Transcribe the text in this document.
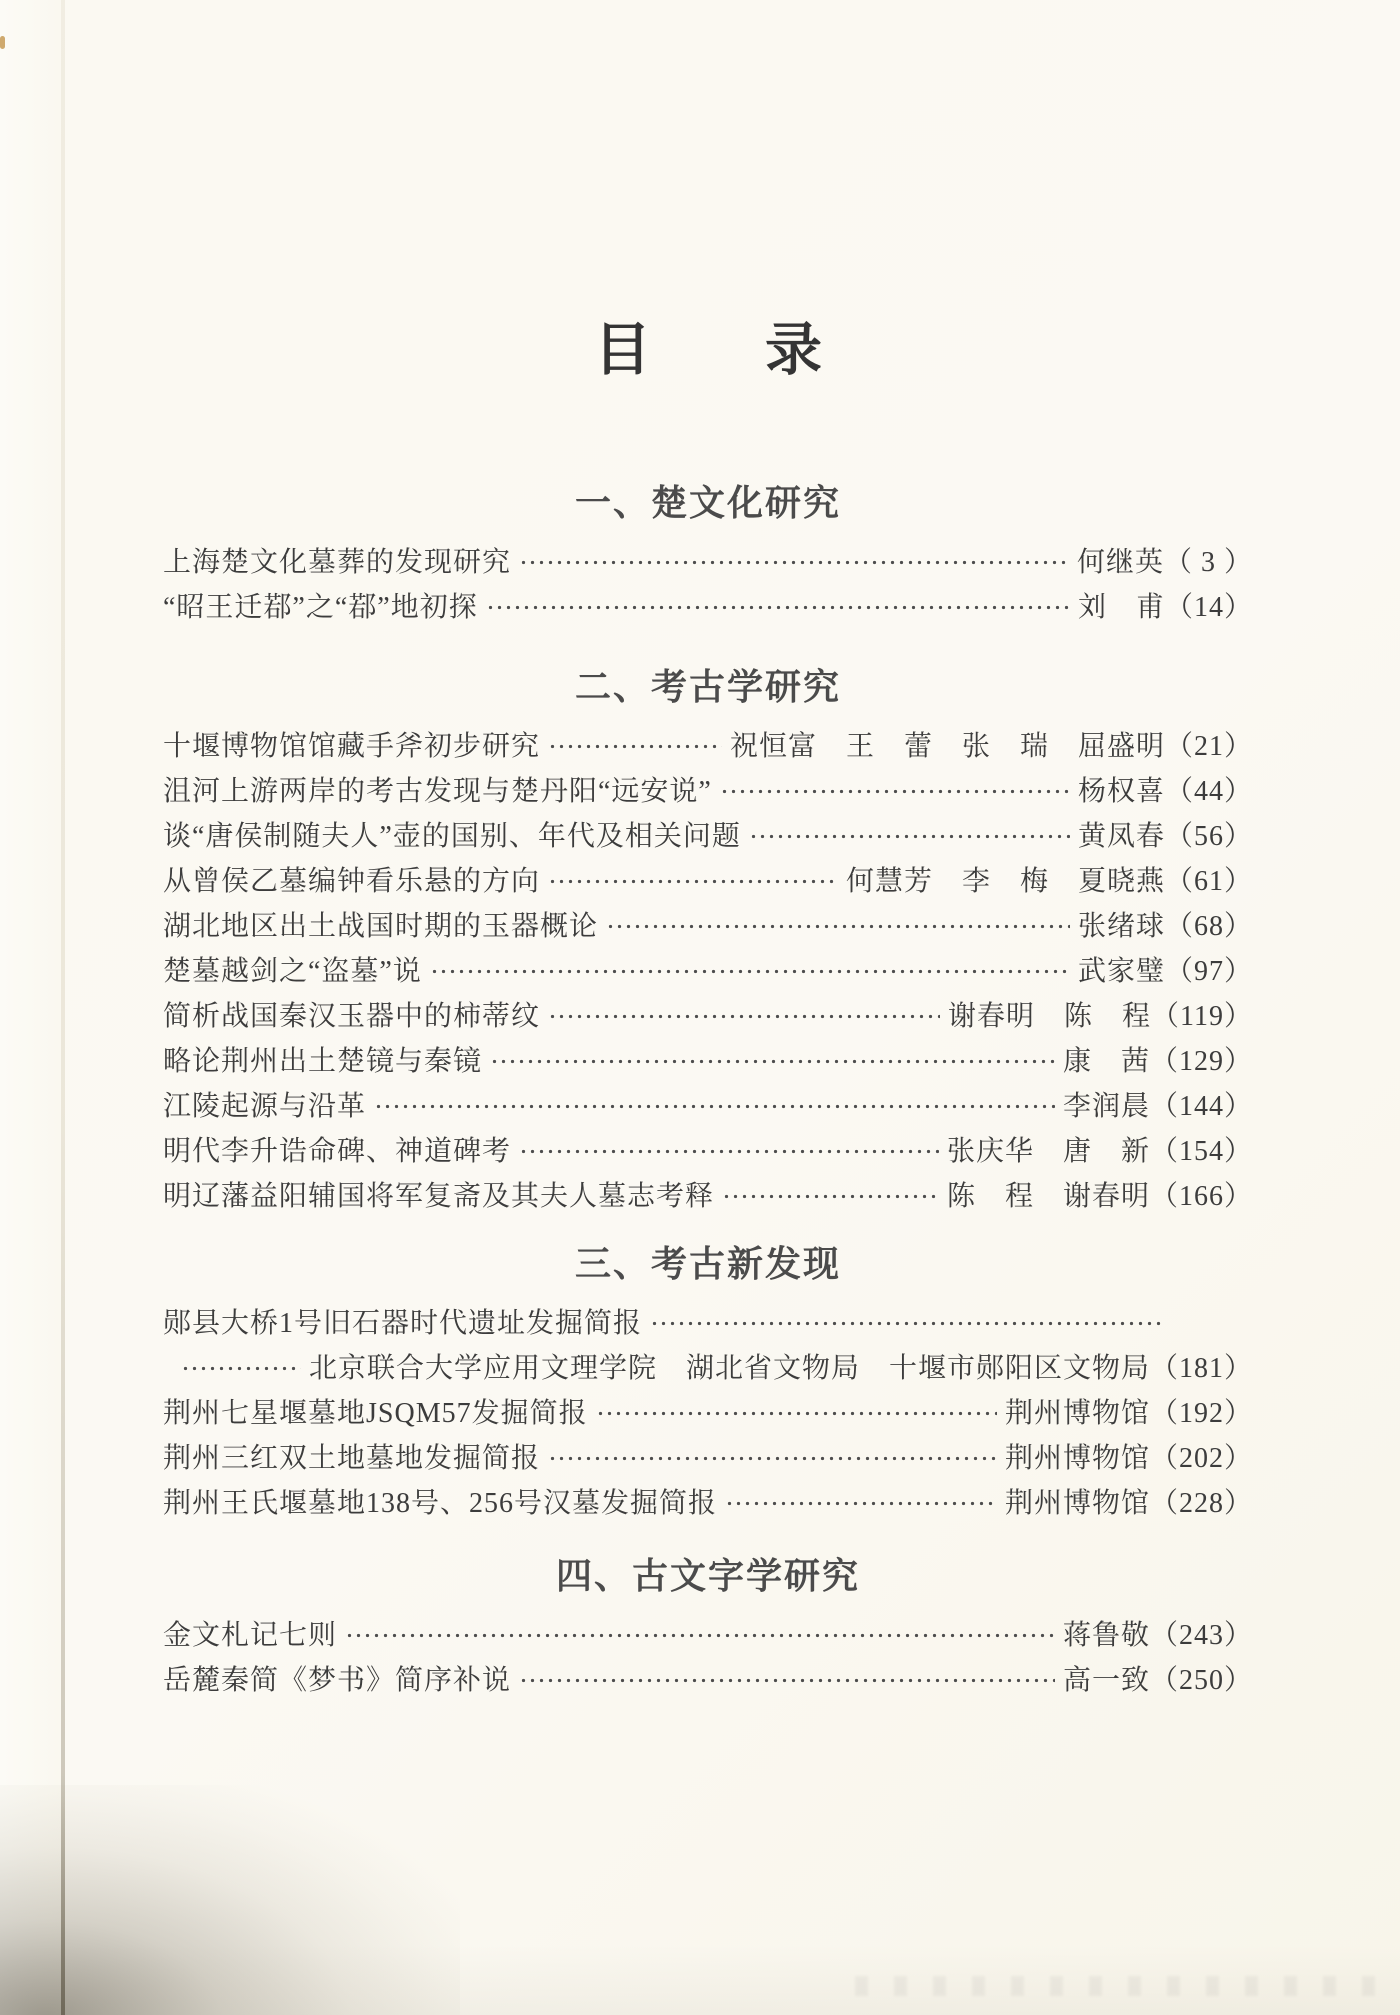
目　　录
一、楚文化研究
上海楚文化墓葬的发现研究	何继英 （ 3 ）
“昭王迁鄀”之“鄀”地初探	刘　甫 （14）
二、考古学研究
十堰博物馆馆藏手斧初步研究	祝恒富　王　蕾　张　瑞　屈盛明 （21）
沮河上游两岸的考古发现与楚丹阳“远安说”	杨权喜 （44）
谈“唐侯制随夫人”壶的国别、年代及相关问题	黄凤春 （56）
从曾侯乙墓编钟看乐悬的方向	何慧芳　李　梅　夏晓燕 （61）
湖北地区出土战国时期的玉器概论	张绪球 （68）
楚墓越剑之“盗墓”说	武家璧 （97）
简析战国秦汉玉器中的柿蒂纹	谢春明　陈　程 （119）
略论荆州出土楚镜与秦镜	康　茜 （129）
江陵起源与沿革	李润晨 （144）
明代李升诰命碑、神道碑考	张庆华　唐　新 （154）
明辽藩益阳辅国将军复斋及其夫人墓志考释	陈　程　谢春明 （166）
三、考古新发现
郧县大桥1号旧石器时代遗址发掘简报
北京联合大学应用文理学院　湖北省文物局　十堰市郧阳区文物局 （181）
荆州七星堰墓地JSQM57发掘简报	荆州博物馆 （192）
荆州三红双土地墓地发掘简报	荆州博物馆 （202）
荆州王氏堰墓地138号、256号汉墓发掘简报	荆州博物馆 （228）
四、古文字学研究
金文札记七则	蒋鲁敬 （243）
岳麓秦简《梦书》简序补说	高一致 （250）
